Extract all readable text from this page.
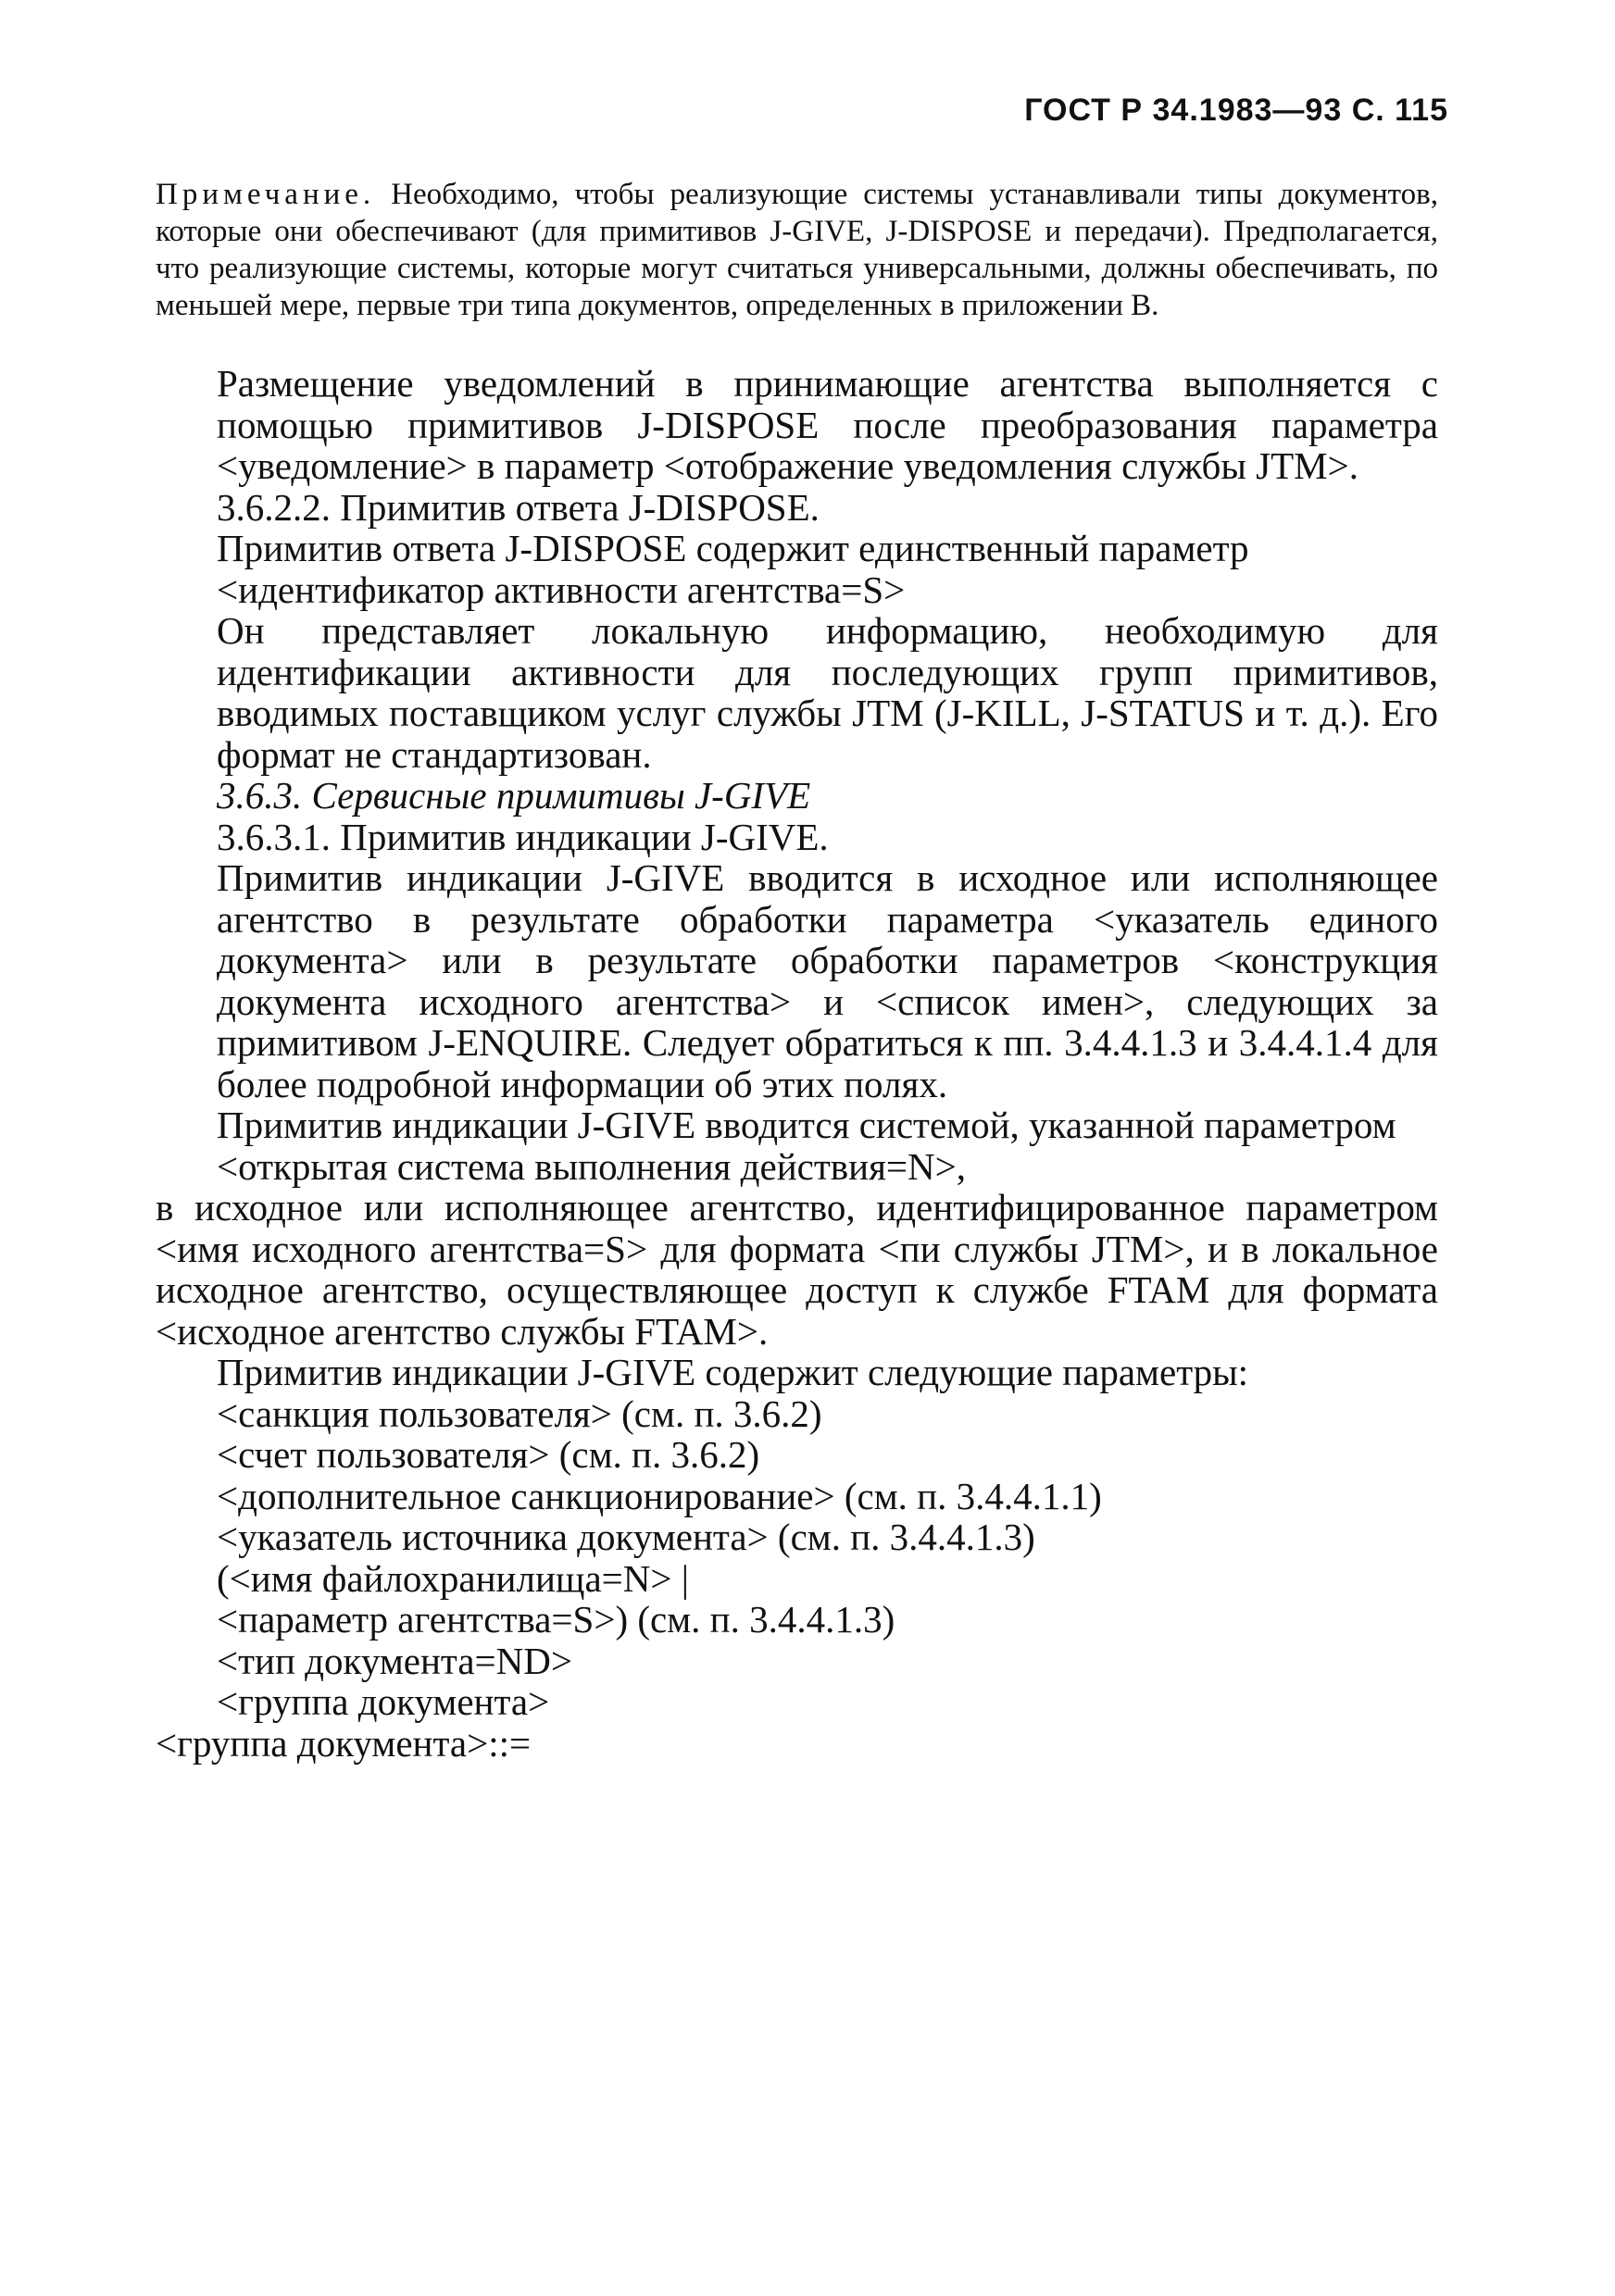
ГОСТ Р 34.1983—93 С. 115
Примечание. Необходимо, чтобы реализующие системы устанавливали типы документов, которые они обеспечивают (для примитивов J-GIVE, J-DISPOSE и передачи). Предполагается, что реализующие системы, которые могут считаться универсальными, должны обеспечивать, по меньшей мере, первые три типа документов, определенных в приложении В.

Размещение уведомлений в принимающие агентства выполняется с помощью примитивов J-DISPOSE после преобразования параметра <уведомление> в параметр <отображение уведомления службы JTM>.

3.6.2.2. Примитив ответа J-DISPOSE.

Примитив ответа J-DISPOSE содержит единственный параметр

<идентификатор активности агентства=S>

Он представляет локальную информацию, необходимую для идентификации активности для последующих групп примитивов, вводимых поставщиком услуг службы JTM (J-KILL, J-STATUS и т. д.). Его формат не стандартизован.

3.6.3. Сервисные примитивы J-GIVE

3.6.3.1. Примитив индикации J-GIVE.

Примитив индикации J-GIVE вводится в исходное или исполняющее агентство в результате обработки параметра <указатель единого документа> или в результате обработки параметров <конструкция документа исходного агентства> и <список имен>, следующих за примитивом J-ENQUIRE. Следует обратиться к пп. 3.4.4.1.3 и 3.4.4.1.4 для более подробной информации об этих полях.

Примитив индикации J-GIVE вводится системой, указанной параметром

<открытая система выполнения действия=N>,

в исходное или исполняющее агентство, идентифицированное параметром <имя исходного агентства=S> для формата <пи службы JTM>, и в локальное исходное агентство, осуществляющее доступ к службе FTAM для формата <исходное агентство службы FTAM>.

Примитив индикации J-GIVE содержит следующие параметры:

<санкция пользователя> (см. п. 3.6.2)

<счет пользователя> (см. п. 3.6.2)

<дополнительное санкционирование> (см. п. 3.4.4.1.1)

<указатель источника документа> (см. п. 3.4.4.1.3)

(<имя файлохранилища=N> |

<параметр агентства=S>) (см. п. 3.4.4.1.3)

<тип документа=ND>

<группа документа>

<группа документа>::=
